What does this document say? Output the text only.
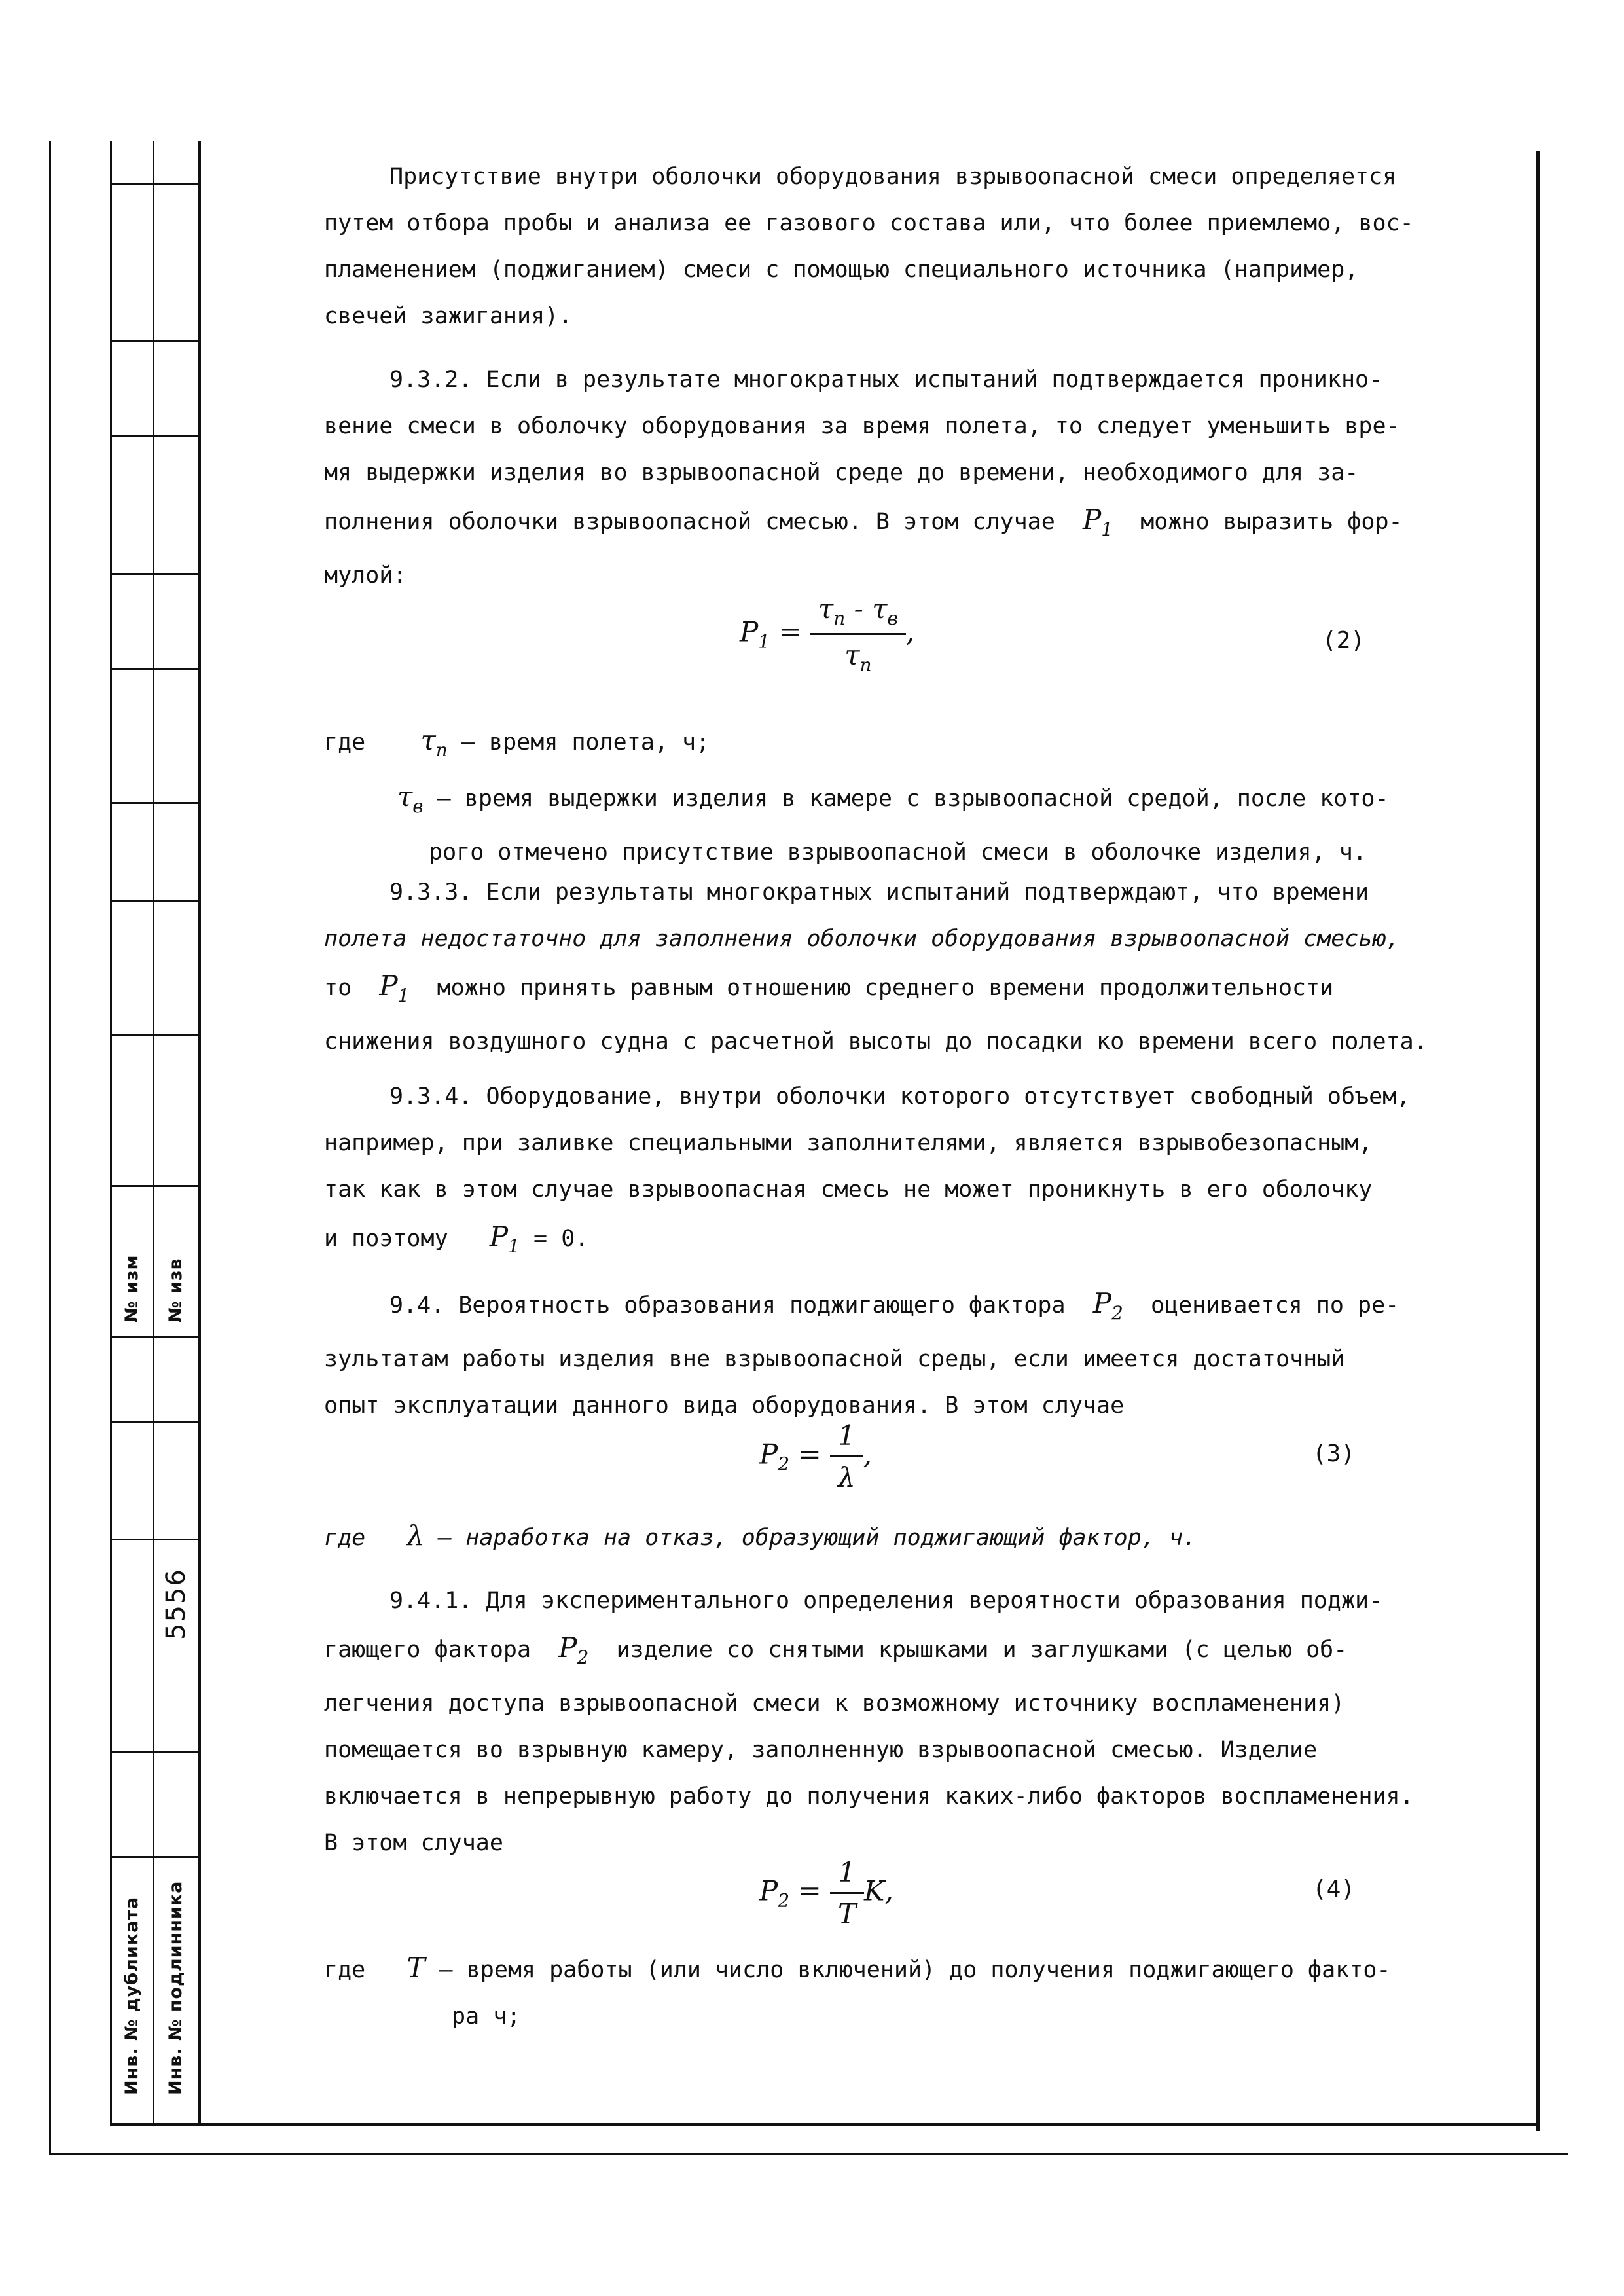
№ изм № изв
5556
Инв. № дубликата Инв. № подлинника
Присутствие внутри оболочки оборудования взрывоопасной смеси определяется
путем отбора пробы и анализа ее газового состава или, что более приемлемо, вос-
пламенением (поджиганием) смеси с помощью специального источника (например,
свечей зажигания).
9.3.2. Если в результате многократных испытаний подтверждается проникно-
вение смеси в оболочку оборудования за время полета, то следует уменьшить вре-
мя выдержки изделия во взрывоопасной среде до времени, необходимого для за-
полнения оболочки взрывоопасной смесью. В этом случае $P_1$ можно выразить фор-
мулой:
$P_1 = \frac{\tau_п - \tau_в}{\tau_п}$ ,	(2)
где $\tau_п$ – время полета, ч;
$\tau_в$ – время выдержки изделия в камере с взрывоопасной средой, после кото-
рого отмечено присутствие взрывоопасной смеси в оболочке изделия, ч.
9.3.3. Если результаты многократных испытаний подтверждают, что времени
полета недостаточно для заполнения оболочки оборудования взрывоопасной смесью,
то $P_1$ можно принять равным отношению среднего времени продолжительности
снижения воздушного судна с расчетной высоты до посадки ко времени всего полета.
9.3.4. Оборудование, внутри оболочки которого отсутствует свободный объем,
например, при заливке специальными заполнителями, является взрывобезопасным,
так как в этом случае взрывоопасная смесь не может проникнуть в его оболочку
и поэтому $P_1 = 0$.
9.4. Вероятность образования поджигающего фактора $P_2$ оценивается по ре-
зультатам работы изделия вне взрывоопасной среды, если имеется достаточный
опыт эксплуатации данного вида оборудования. В этом случае
$P_2 = \frac{1}{\lambda}$ ,	(3)
где λ – наработка на отказ, образующий поджигающий фактор, ч.
9.4.1. Для экспериментального определения вероятности образования поджи-
гающего фактора $P_2$ изделие со снятыми крышками и заглушками (с целью об-
легчения доступа взрывоопасной смеси к возможному источнику воспламенения)
помещается во взрывную камеру, заполненную взрывоопасной смесью. Изделие
включается в непрерывную работу до получения каких-либо факторов воспламенения.
В этом случае
$P_2 = \frac{1}{T} K$,	(4)
где T – время работы (или число включений) до получения поджигающего факто-
ра ч;
